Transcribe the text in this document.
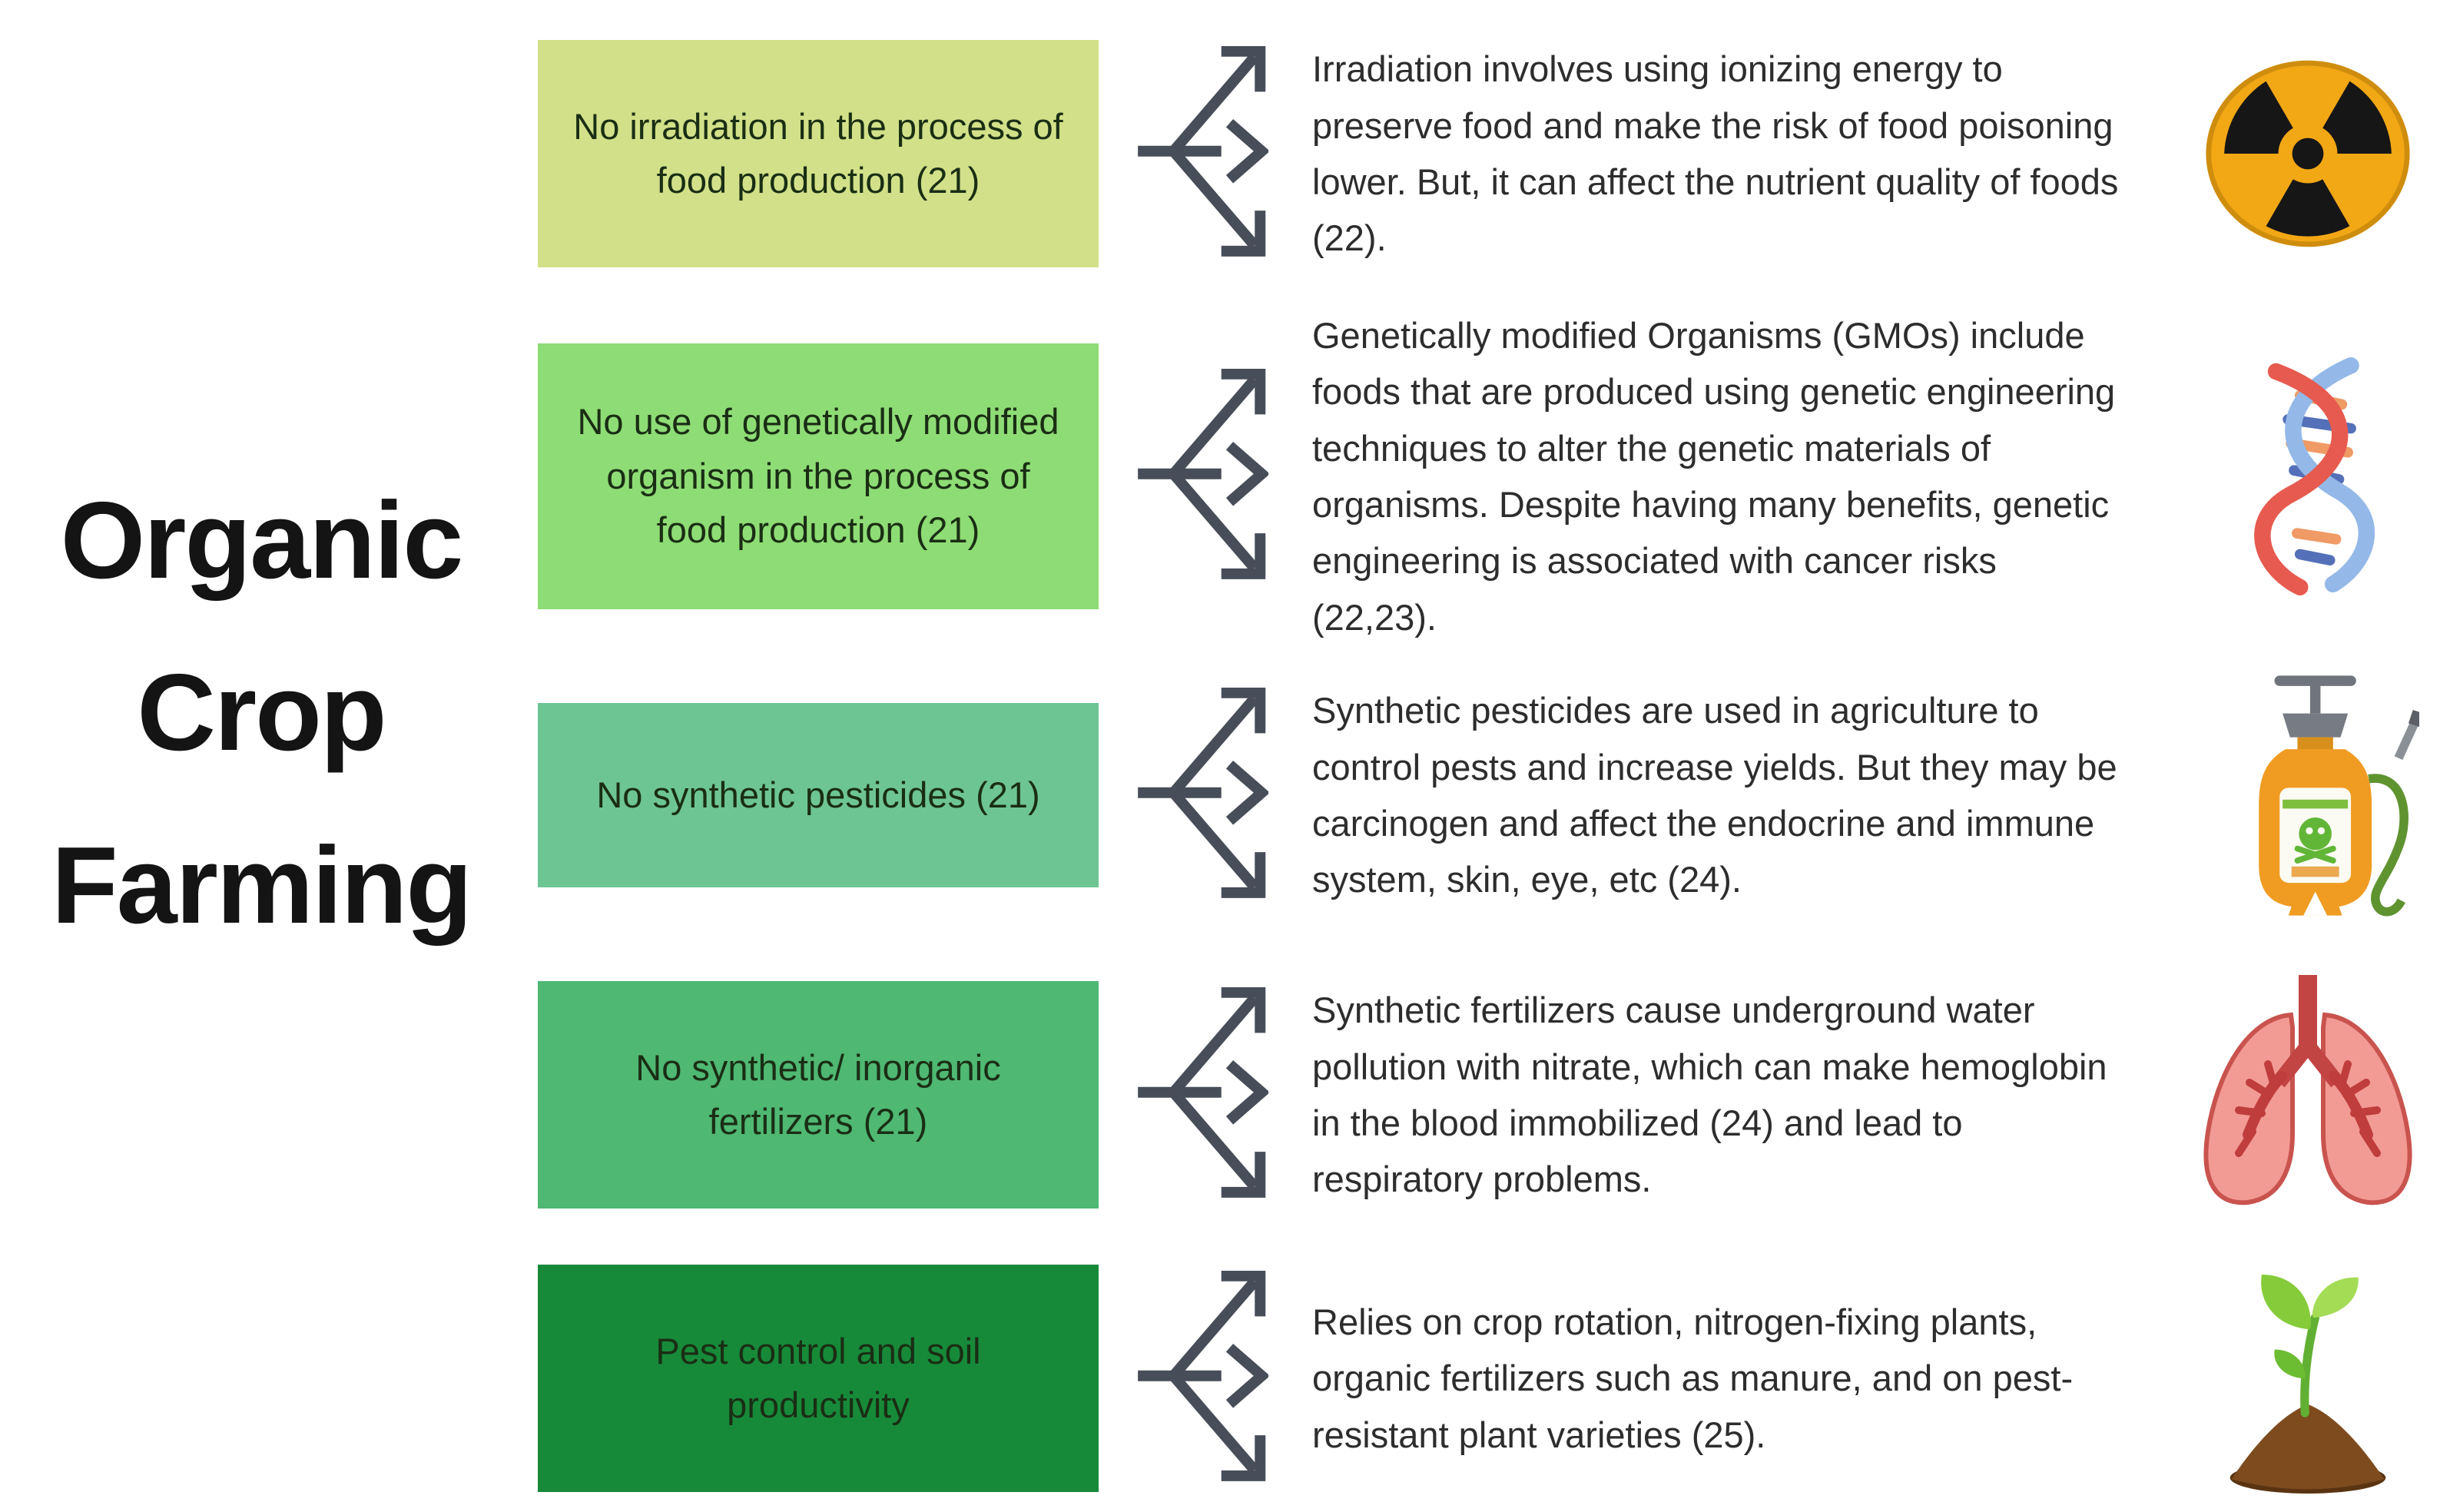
Organic Crop Farming
No irradiation in the process of food production (21)
Irradiation involves using ionizing energy to preserve food and make the risk of food poisoning lower. But, it can affect the nutrient quality of foods (22).
No use of genetically modified organism in the process of food production (21)
Genetically modified Organisms (GMOs) include foods that are produced using genetic engineering techniques to alter the genetic materials of organisms. Despite having many benefits, genetic engineering is associated with cancer risks (22,23).
No synthetic pesticides (21)
Synthetic pesticides are used in agriculture to control pests and increase yields. But they may be carcinogen and affect the endocrine and immune system, skin, eye, etc (24).
No synthetic/ inorganic fertilizers (21)
Synthetic fertilizers cause underground water pollution with nitrate, which can make hemoglobin in the blood immobilized (24) and lead to respiratory problems.
Pest control and soil productivity
Relies on crop rotation, nitrogen-fixing plants, organic fertilizers such as manure, and on pest- resistant plant varieties (25).
